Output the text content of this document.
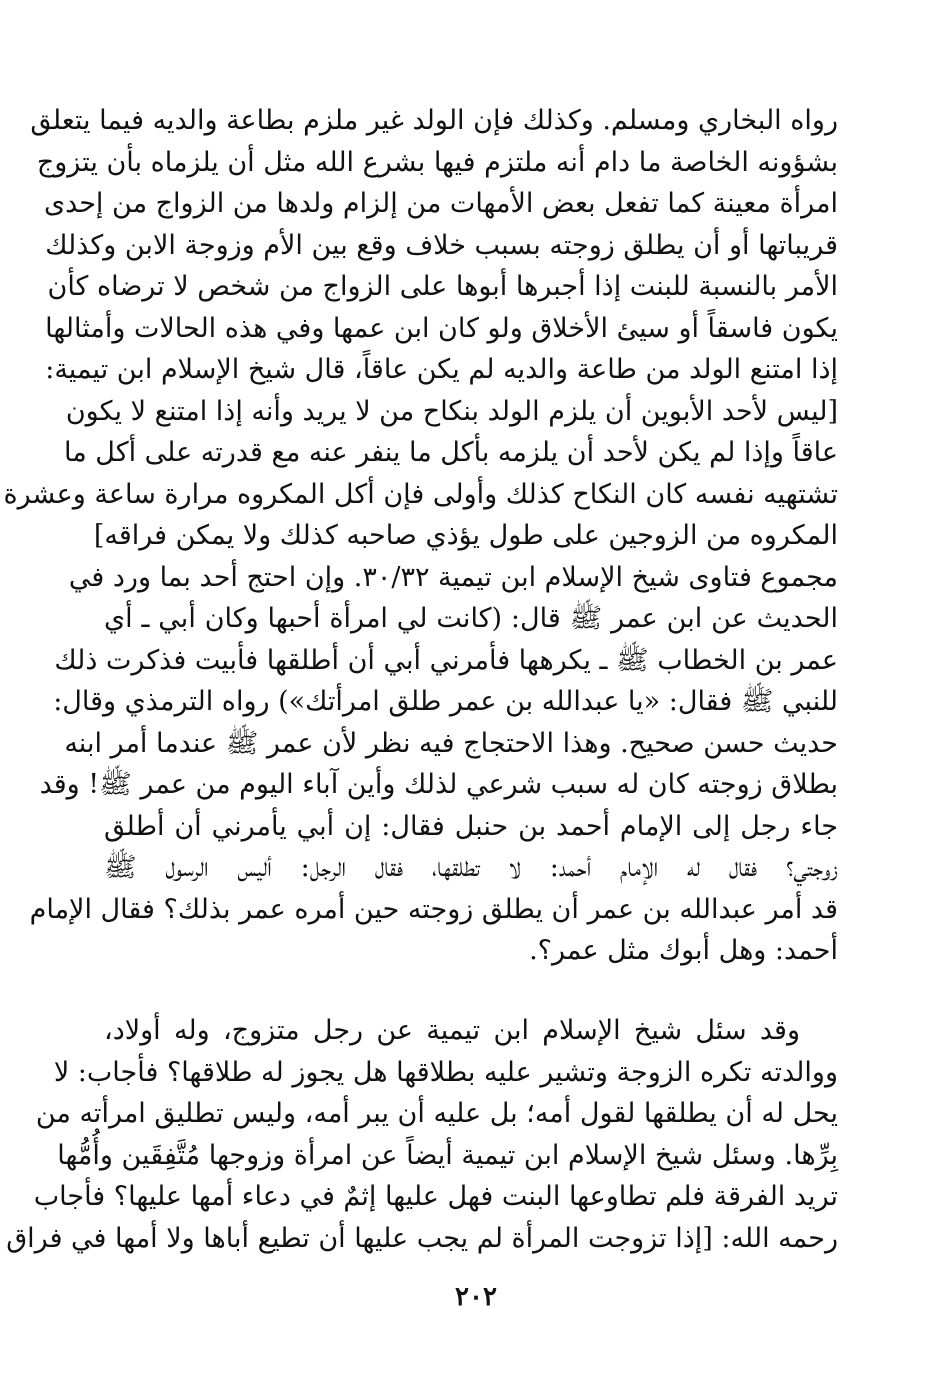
رواه البخاري ومسلم. وكذلك فإن الولد غير ملزم بطاعة والديه فيما يتعلق
بشؤونه الخاصة ما دام أنه ملتزم فيها بشرع الله مثل أن يلزماه بأن يتزوج
امرأة معينة كما تفعل بعض الأمهات من إلزام ولدها من الزواج من إحدى
قريباتها أو أن يطلق زوجته بسبب خلاف وقع بين الأم وزوجة الابن وكذلك
الأمر بالنسبة للبنت إذا أجبرها أبوها على الزواج من شخص لا ترضاه كأن
يكون فاسقاً أو سيئ الأخلاق ولو كان ابن عمها وفي هذه الحالات وأمثالها
إذا امتنع الولد من طاعة والديه لم يكن عاقاً، قال شيخ الإسلام ابن تيمية:
[ليس لأحد الأبوين أن يلزم الولد بنكاح من لا يريد وأنه إذا امتنع لا يكون
عاقاً وإذا لم يكن لأحد أن يلزمه بأكل ما ينفر عنه مع قدرته على أكل ما
تشتهيه نفسه كان النكاح كذلك وأولى فإن أكل المكروه مرارة ساعة وعشرة
المكروه من الزوجين على طول يؤذي صاحبه كذلك ولا يمكن فراقه]
مجموع فتاوى شيخ الإسلام ابن تيمية ٣٠/٣٢. وإن احتج أحد بما ورد في
الحديث عن ابن عمر ﷺ قال: (كانت لي امرأة أحبها وكان أبي ـ أي
عمر بن الخطاب ﷺ ـ يكرهها فأمرني أبي أن أطلقها فأبيت فذكرت ذلك
للنبي ﷺ فقال: «يا عبدالله بن عمر طلق امرأتك») رواه الترمذي وقال:
حديث حسن صحيح. وهذا الاحتجاج فيه نظر لأن عمر ﷺ عندما أمر ابنه
بطلاق زوجته كان له سبب شرعي لذلك وأين آباء اليوم من عمر ﷺ! وقد
جاء رجل إلى الإمام أحمد بن حنبل فقال: إن أبي يأمرني أن أطلق
زوجتي؟ فقال له الإمام أحمد: لا تطلقها، فقال الرجل: أليس الرسول ﷺ
قد أمر عبدالله بن عمر أن يطلق زوجته حين أمره عمر بذلك؟ فقال الإمام
أحمد: وهل أبوك مثل عمر؟.
وقد سئل شيخ الإسلام ابن تيمية عن رجل متزوج، وله أولاد،
ووالدته تكره الزوجة وتشير عليه بطلاقها هل يجوز له طلاقها؟ فأجاب: لا
يحل له أن يطلقها لقول أمه؛ بل عليه أن يبر أمه، وليس تطليق امرأته من
بِرِّها. وسئل شيخ الإسلام ابن تيمية أيضاً عن امرأة وزوجها مُتَّفِقَين وأُمُّها
تريد الفرقة فلم تطاوعها البنت فهل عليها إثمٌ في دعاء أمها عليها؟ فأجاب
رحمه الله: [إذا تزوجت المرأة لم يجب عليها أن تطيع أباها ولا أمها في فراق
٢٠٢
